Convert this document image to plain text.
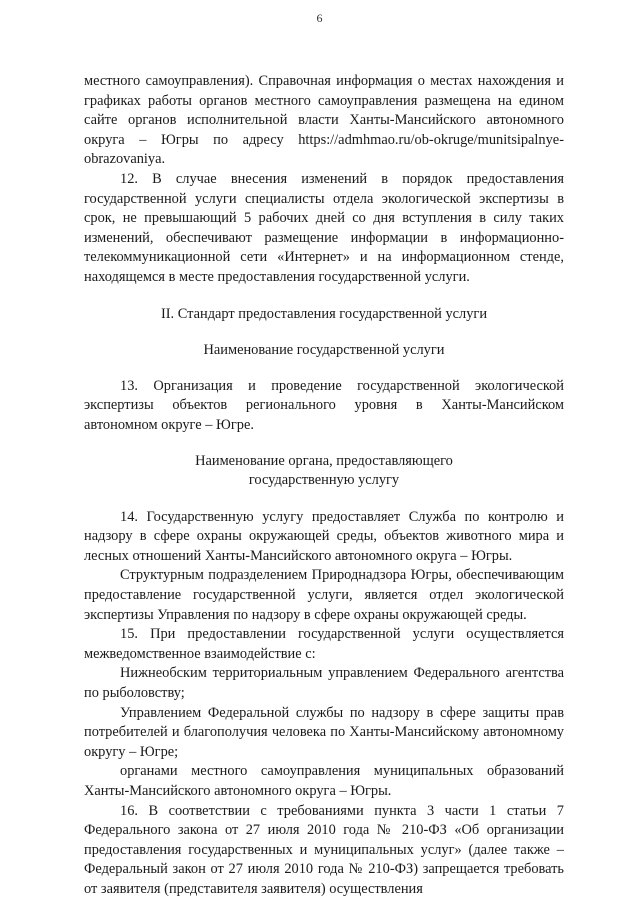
6

местного самоуправления). Справочная информация о местах нахождения и графиках работы органов местного самоуправления размещена на едином сайте органов исполнительной власти Ханты-Мансийского автономного округа – Югры по адресу https://admhmao.ru/ob-okruge/munitsipalnye-obrazovaniya.

12. В случае внесения изменений в порядок предоставления государственной услуги специалисты отдела экологической экспертизы в срок, не превышающий 5 рабочих дней со дня вступления в силу таких изменений, обеспечивают размещение информации в информационно-телекоммуникационной сети «Интернет» и на информационном стенде, находящемся в месте предоставления государственной услуги.

II. Стандарт предоставления государственной услуги

Наименование государственной услуги

13. Организация и проведение государственной экологической экспертизы объектов регионального уровня в Ханты-Мансийском автономном округе – Югре.

Наименование органа, предоставляющего

государственную услугу

14. Государственную услугу предоставляет Служба по контролю и надзору в сфере охраны окружающей среды, объектов животного мира и лесных отношений Ханты-Мансийского автономного округа – Югры.

Структурным подразделением Природнадзора Югры, обеспечивающим предоставление государственной услуги, является отдел экологической экспертизы Управления по надзору в сфере охраны окружающей среды.

15. При предоставлении государственной услуги осуществляется межведомственное взаимодействие с:

Нижнеобским территориальным управлением Федерального агентства по рыболовству;

Управлением Федеральной службы по надзору в сфере защиты прав потребителей и благополучия человека по Ханты-Мансийскому автономному округу – Югре;

органами местного самоуправления муниципальных образований Ханты-Мансийского автономного округа – Югры.

16. В соответствии с требованиями пункта 3 части 1 статьи 7 Федерального закона от 27 июля 2010 года № 210-ФЗ «Об организации предоставления государственных и муниципальных услуг» (далее также – Федеральный закон от 27 июля 2010 года № 210-ФЗ) запрещается требовать от заявителя (представителя заявителя) осуществления
